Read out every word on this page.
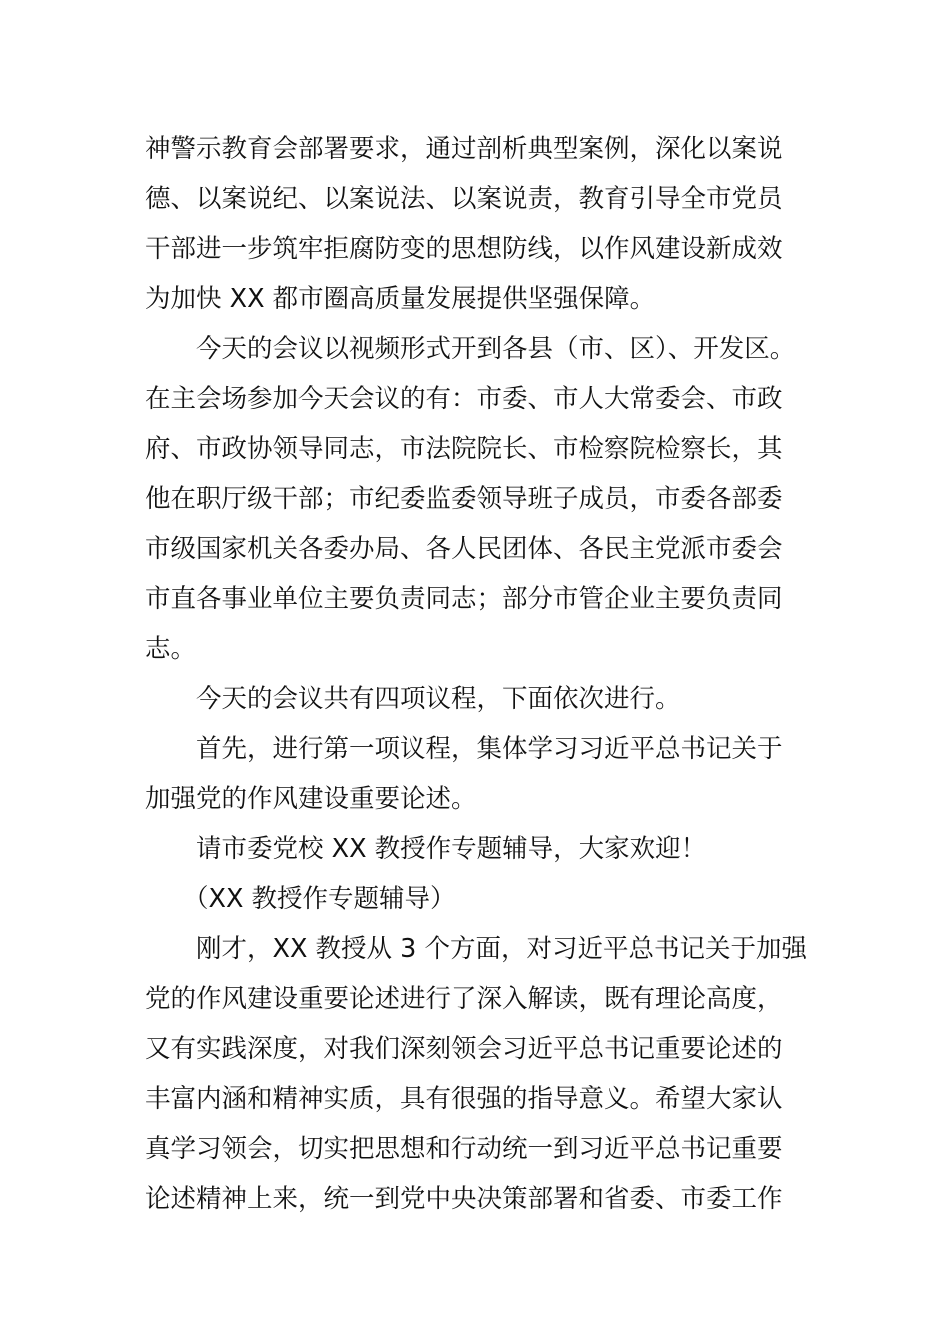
神警示教育会部署要求，通过剖析典型案例，深化以案说
德、以案说纪、以案说法、以案说责，教育引导全市党员
干部进一步筑牢拒腐防变的思想防线，以作风建设新成效
为加快 XX 都市圈高质量发展提供坚强保障。
今天的会议以视频形式开到各县（市、区）、开发区。
在主会场参加今天会议的有：市委、市人大常委会、市政
府、市政协领导同志，市法院院长、市检察院检察长，其
他在职厅级干部；市纪委监委领导班子成员，市委各部委
市级国家机关各委办局、各人民团体、各民主党派市委会
市直各事业单位主要负责同志；部分市管企业主要负责同
志。
今天的会议共有四项议程，下面依次进行。
首先，进行第一项议程，集体学习习近平总书记关于
加强党的作风建设重要论述。
请市委党校 XX 教授作专题辅导，大家欢迎！
（XX 教授作专题辅导）
刚才，XX 教授从 3 个方面，对习近平总书记关于加强
党的作风建设重要论述进行了深入解读，既有理论高度，
又有实践深度，对我们深刻领会习近平总书记重要论述的
丰富内涵和精神实质，具有很强的指导意义。希望大家认
真学习领会，切实把思想和行动统一到习近平总书记重要
论述精神上来，统一到党中央决策部署和省委、市委工作
